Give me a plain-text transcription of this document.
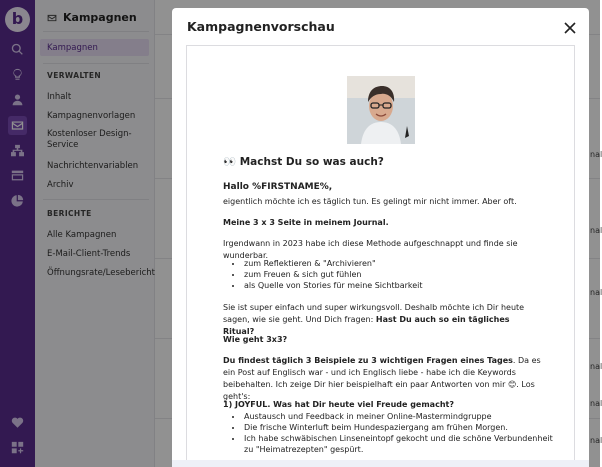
b	Kampagnen
Kampagnen
VERWALTEN
Inhalt
Kampagnenvorlagen
Kostenloser Design-Service
Nachrichtenvariablen
Archiv
BERICHTE
Alle Kampagnen
E-Mail-Client-Trends
Öffnungsrate/Lesebericht
nal
nal
nal
nal
nal
nal
Kampagnenvorschau
👀 Machst Du so was auch?
Hallo %FIRSTNAME%,
eigentlich möchte ich es täglich tun. Es gelingt mir nicht immer. Aber oft.
Meine 3 x 3 Seite in meinem Journal.
Irgendwann in 2023 habe ich diese Methode aufgeschnappt und finde sie wunderbar.
• zum Reflektieren & "Archivieren"
• zum Freuen & sich gut fühlen
• als Quelle von Stories für meine Sichtbarkeit
Sie ist super einfach und super wirkungsvoll. Deshalb möchte ich Dir heute sagen, wie sie geht. Und Dich fragen: Hast Du auch so ein tägliches Ritual?
Wie geht 3x3?
Du findest täglich 3 Beispiele zu 3 wichtigen Fragen eines Tages. Da es ein Post auf Englisch war - und ich Englisch liebe - habe ich die Keywords beibehalten. Ich zeige Dir hier beispielhaft ein paar Antworten von mir 😊. Los geht's:
1) JOYFUL. Was hat Dir heute viel Freude gemacht?
• Austausch und Feedback in meiner Online-Mastermindgruppe
• Die frische Winterluft beim Hundespaziergang am frühen Morgen.
• Ich habe schwäbischen Linseneintopf gekocht und die schöne Verbundenheit zu "Heimatrezepten" gespürt.
